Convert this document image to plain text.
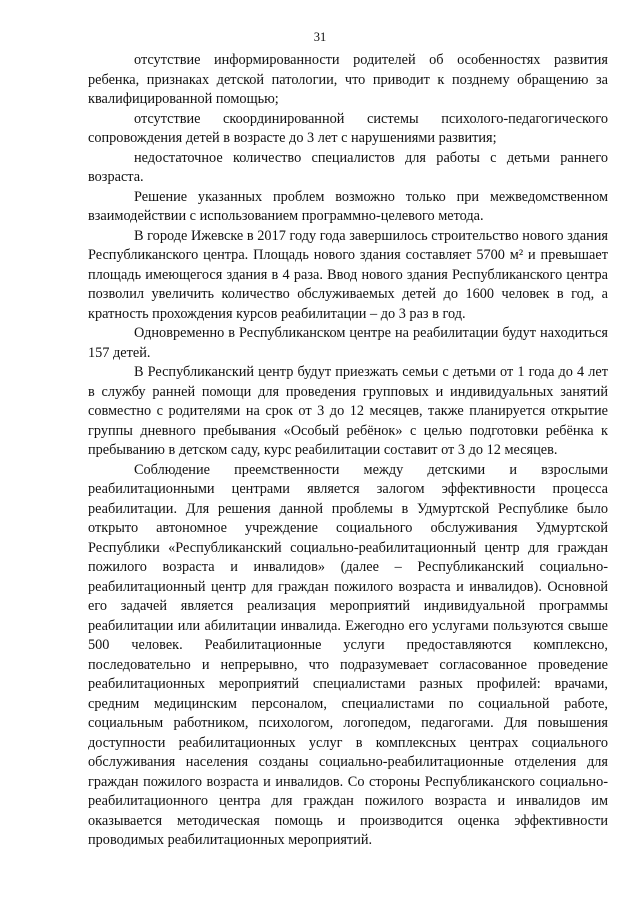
31

отсутствие информированности родителей об особенностях развития ребенка, признаках детской патологии, что приводит к позднему обращению за квалифицированной помощью;

отсутствие скоординированной системы психолого-педагогического сопровождения детей в возрасте до 3 лет с нарушениями развития;

недостаточное количество специалистов для работы с детьми раннего возраста.

Решение указанных проблем возможно только при межведомственном взаимодействии с использованием программно-целевого метода.

В городе Ижевске в 2017 году года завершилось строительство нового здания Республиканского центра. Площадь нового здания составляет 5700 м² и превышает площадь имеющегося здания в 4 раза. Ввод нового здания Республиканского центра позволил увеличить количество обслуживаемых детей до 1600 человек в год, а кратность прохождения курсов реабилитации – до 3 раз в год.

Одновременно в Республиканском центре на реабилитации будут находиться 157 детей.

В Республиканский центр будут приезжать семьи с детьми от 1 года до 4 лет в службу ранней помощи для проведения групповых и индивидуальных занятий совместно с родителями на срок от 3 до 12 месяцев, также планируется открытие группы дневного пребывания «Особый ребёнок» с целью подготовки ребёнка к пребыванию в детском саду, курс реабилитации составит от 3 до 12 месяцев.

Соблюдение преемственности между детскими и взрослыми реабилитационными центрами является залогом эффективности процесса реабилитации. Для решения данной проблемы в Удмуртской Республике было открыто автономное учреждение социального обслуживания Удмуртской Республики «Республиканский социально-реабилитационный центр для граждан пожилого возраста и инвалидов» (далее – Республиканский социально-реабилитационный центр для граждан пожилого возраста и инвалидов). Основной его задачей является реализация мероприятий индивидуальной программы реабилитации или абилитации инвалида. Ежегодно его услугами пользуются свыше 500 человек. Реабилитационные услуги предоставляются комплексно, последовательно и непрерывно, что подразумевает согласованное проведение реабилитационных мероприятий специалистами разных профилей: врачами, средним медицинским персоналом, специалистами по социальной работе, социальным работником, психологом, логопедом, педагогами. Для повышения доступности реабилитационных услуг в комплексных центрах социального обслуживания населения созданы социально-реабилитационные отделения для граждан пожилого возраста и инвалидов. Со стороны Республиканского социально-реабилитационного центра для граждан пожилого возраста и инвалидов им оказывается методическая помощь и производится оценка эффективности проводимых реабилитационных мероприятий.
